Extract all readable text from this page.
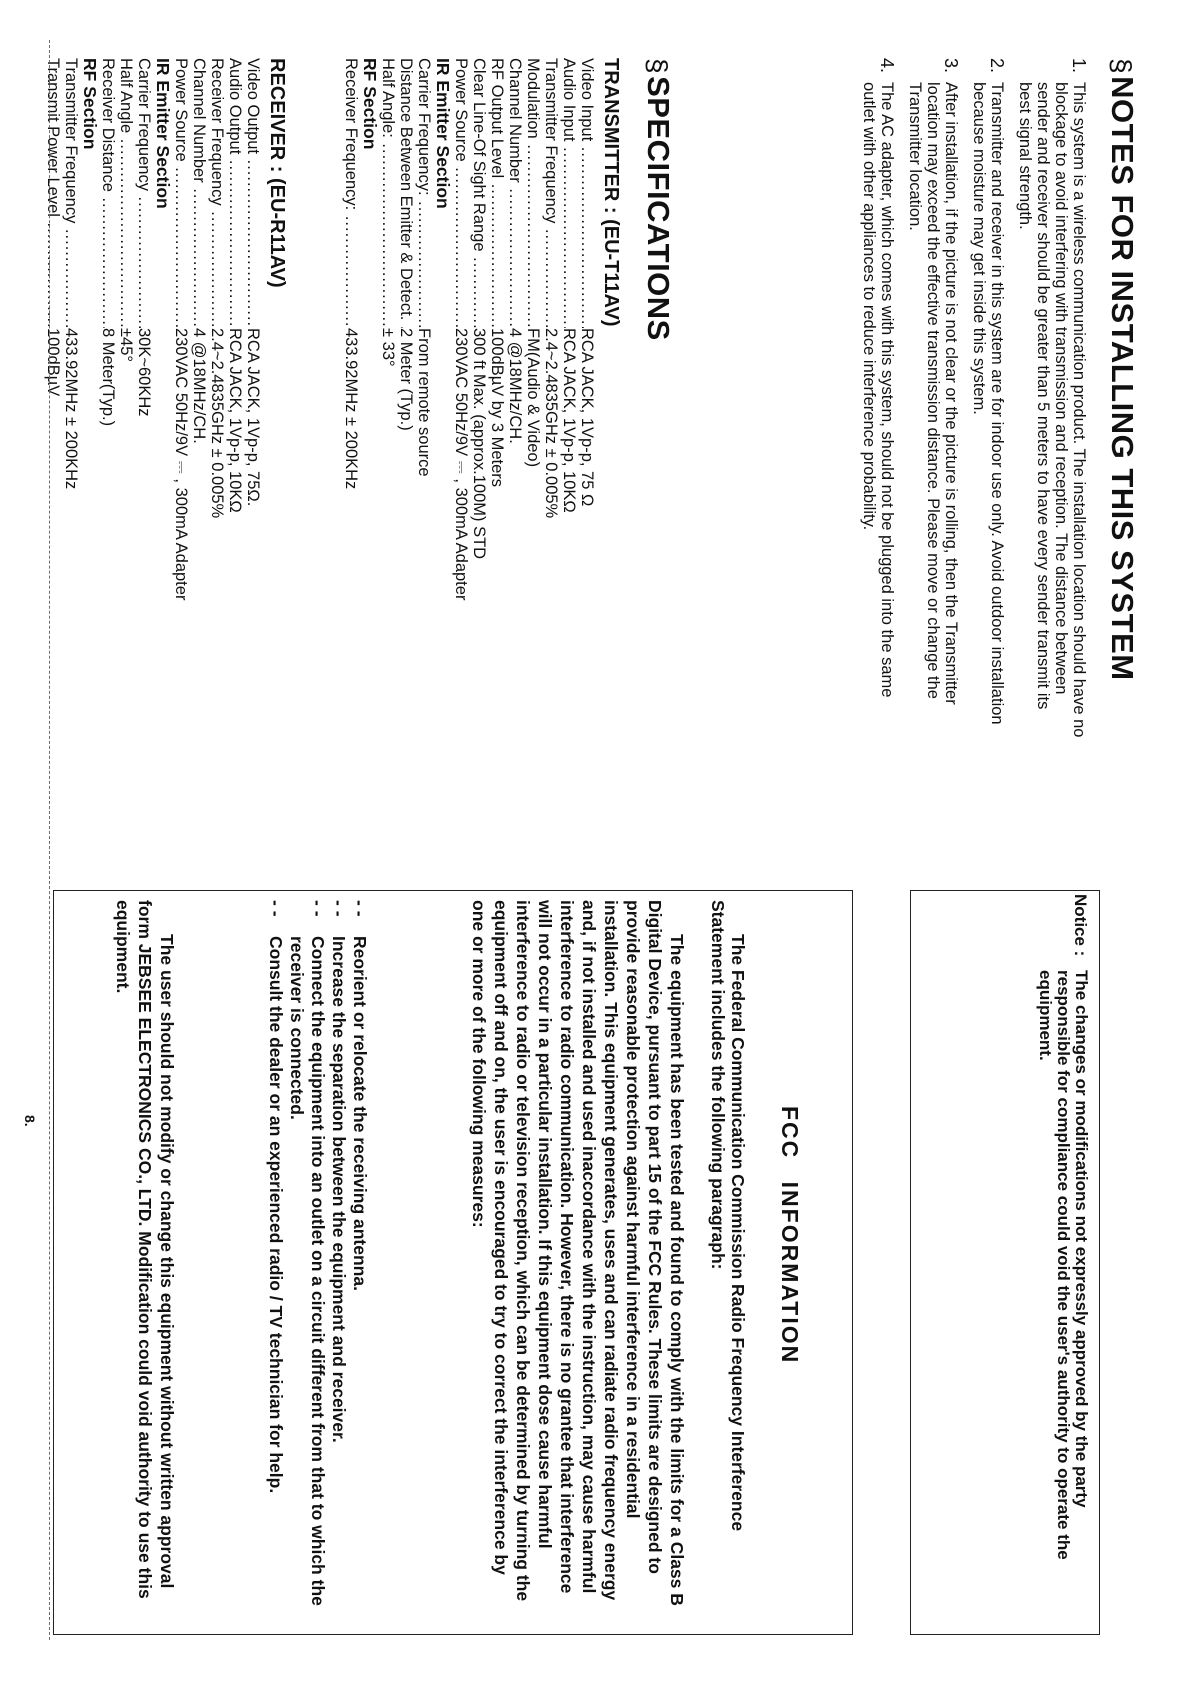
§NOTES FOR INSTALLING THIS SYSTEM
1.
This system is a wireless communication product. The installation location should have no blockage to avoid interfering with transmission and reception. The distance between sender and receiver should be greater than 5 meters to have every sender transmit its best signal strength.
2.
Transmitter and receiver in this system are for indoor use only. Avoid outdoor installation because moisture may get inside this system.
3.
After installation, if the picture is not clear or the picture is rolling, then the Transmitter location may exceed the effective transmission distance. Please move or change the Transmitter location.
4.
The AC adapter, which comes with this system, should not be plugged into the same outlet with other appliances to reduce interference probability.
§SPECIFICATIONS
TRANSMITTER : (EU-T11AV)
Video Input .....
RCA JACK, 1Vp-p, 75 Ω
Audio Input .....
RCA JACK, 1Vp-p, 10KΩ
Transmitter Frequency .....
2.4~2.4835GHz ± 0.005%
Modulation .....
FM(Audio & Video)
Channel Number .....
4 @18MHz/CH.
RF Output Level .....
100dBµV by 3 Meters
Clear Line-Of Sight Range .....
300 ft Max. (approx.100M) STD
Power Source .....
230VAC 50Hz/9V ⎓ , 300mA Adapter
IR Emitter Section
Carrier Frequency: .....
From remote source
Distance Between Emitter & Detect. .....
2 Meter (Typ.)
Half Angle: .....
± 33°
RF Section
Receiver Frequency: .....
433.92MHz ± 200KHz
RECEIVER : (EU-R11AV)
Video Output .....
RCA JACK, 1Vp-p, 75Ω.
Audio Output .....
RCA JACK, 1Vp-p, 10KΩ
Receiver Frequency .....
2.4~2.4835GHz ± 0.005%
Channel Number .....
4 @18MHz/CH.
Power Source .....
230VAC 50Hz/9V ⎓ , 300mA Adapter
IR Emitter Section
Carrier Frequency .....
30K~60KHz
Half Angle .....
±45°
Receiver Distance .....
8 Meter(Typ.)
RF Section
Transmitter Frequency .....
433.92MHz ± 200KHz
Transmit Power Level .....
100dBµV
8.
Notice :
The changes or modifications not expressly approved by the party responsible for compliance could void the user's authority to operate the equipment.
FCC INFORMATION

The Federal Communication Commission Radio Frequency Interference Statement includes the following paragraph:

The equipment has been tested and found to comply with the limits for a Class B Digital Device, pursuant to part 15 of the FCC Rules. These limits are designed to provide reasonable protection against harmful interference in a residential installation. This equipment generates, uses and can radiate radio frequency energy and, if not installed and used inaccordance with the instruction, may cause harmful interference to radio communication. However, there is no grantee that interference will not occur in a particular installation. If this equipment dose cause harmful interference to radio or television reception, which can be determined by turning the equipment off and on, the user is encouraged to try to correct the interference by one or more of the following measures:

- -
Reorient or relocate the receiving antenna.
- -
Increase the separation between the equipment and receiver.
- -
Connect the equipment into an outlet on a circuit different from that to which the receiver is connected.
- -
Consult the dealer or an experienced radio / TV technician for help.

The user should not modify or change this equipment without written approval form JEBSEE ELECTRONICS CO., LTD. Modification could void authority to use this equipment.
